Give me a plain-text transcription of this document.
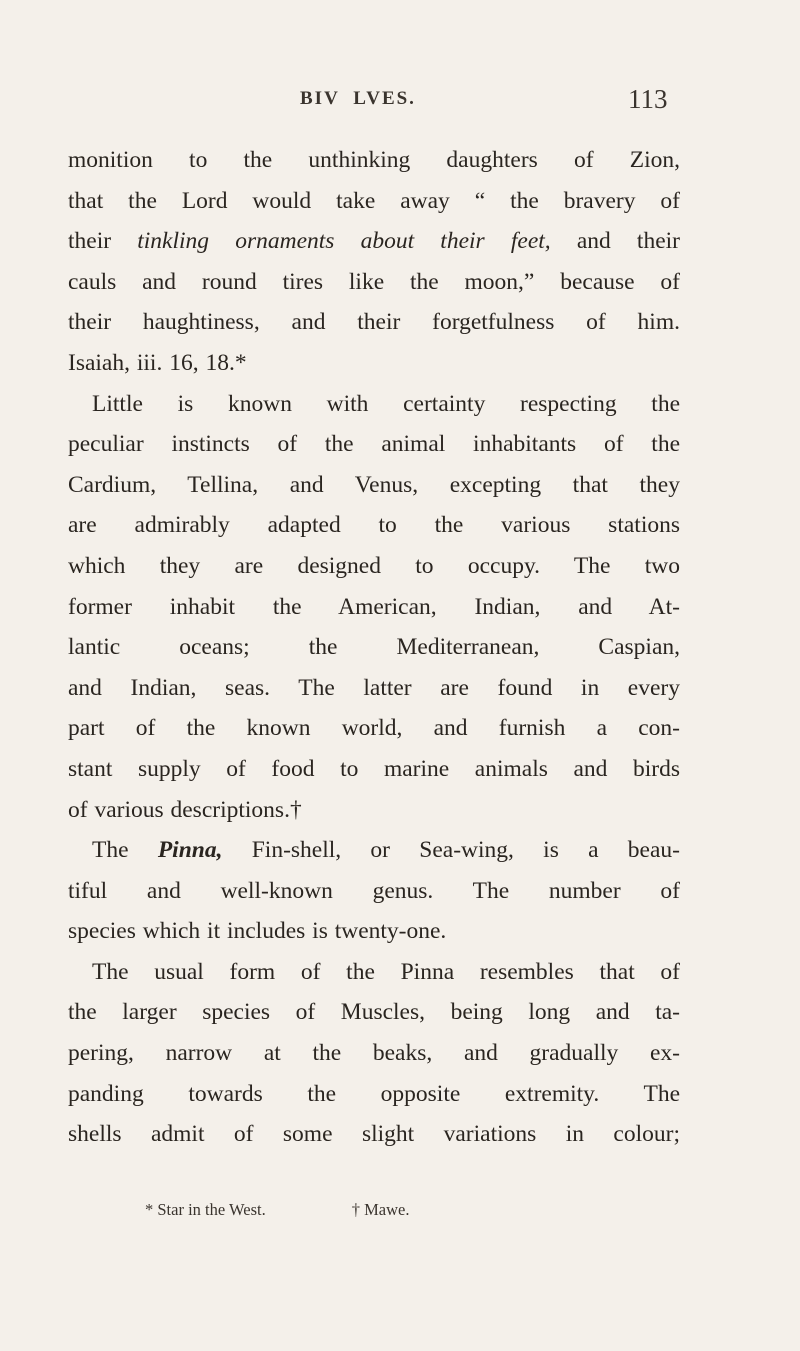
BIV  LVES.	113
monition to the unthinking daughters of Zion,
that the Lord would take away “ the bravery of
their tinkling ornaments about their feet, and their
cauls and round tires like the moon,” because of
their haughtiness, and their forgetfulness of him.
Isaiah, iii. 16, 18.*
Little is known with certainty respecting the
peculiar instincts of the animal inhabitants of the
Cardium, Tellina, and Venus, excepting that they
are admirably adapted to the various stations
which they are designed to occupy. The two
former inhabit the American, Indian, and At-
lantic oceans; the Mediterranean, Caspian,
and Indian, seas. The latter are found in every
part of the known world, and furnish a con-
stant supply of food to marine animals and birds
of various descriptions.†
The Pinna, Fin-shell, or Sea-wing, is a beau-
tiful and well-known genus. The number of
species which it includes is twenty-one.
The usual form of the Pinna resembles that of
the larger species of Muscles, being long and ta-
pering, narrow at the beaks, and gradually ex-
panding towards the opposite extremity. The
shells admit of some slight variations in colour;
* Star in the West.	† Mawe.
